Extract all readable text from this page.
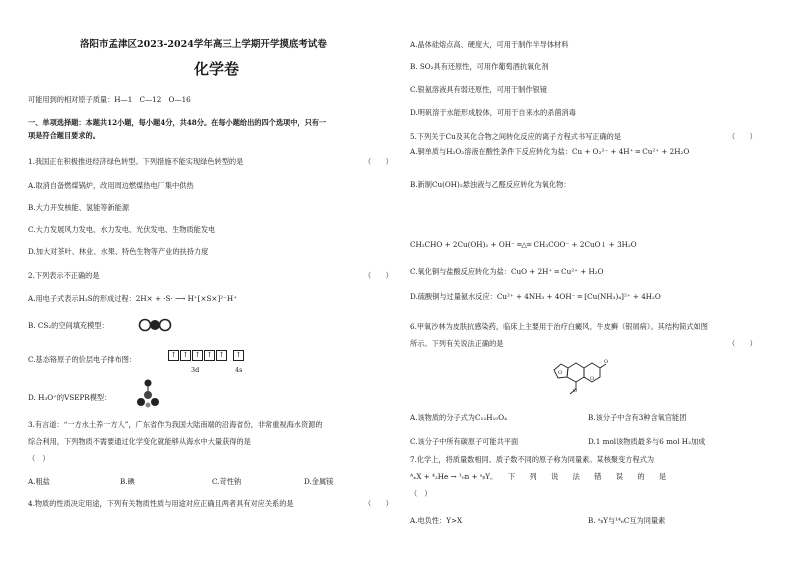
洛阳市孟津区2023-2024学年高三上学期开学摸底考试卷
化学卷
可能用到的相对原子质量：H—1　C—12　O—16
一、单项选择题：本题共12小题，每小题4分，共48分。在每小题给出的四个选项中，只有一
项是符合题目要求的。
1.我国正在积极推进经济绿色转型。下列措施不能实现绿色转型的是	（　　）
A.取消自备燃煤锅炉，改用周边燃煤热电厂集中供热
B.大力开发核能、氢能等新能源
C.大力发展风力发电、水力发电、光伏发电、生物质能发电
D.加大对茶叶、林业、水果、特色生物等产业的扶持力度
2.下列表示不正确的是	（　　）
A.用电子式表示H₂S的形成过程：2H× + ·S· ⟶ H⁺[×S×]²⁻H⁺
B. CS₂的空间填充模型：
C.基态铬原子的价层电子排布图：	↑ ↑ ↑ ↑ ↑	↑
3d	4s
D. H₃O⁺的VSEPR模型：
3.有言道：“一方水土养一方人”，广东省作为我国大陆南端的沿海省份，非常重视海水资源的
综合利用，下列物质不需要通过化学变化就能够从海水中大量获得的是
（　）
A.粗盐	B.碘	C.苛性钠	D.金属镁
4.物质的性质决定用途，下列有关物质性质与用途对应正确且两者具有对应关系的是	（　　）
A.晶体硅熔点高、硬度大，可用于制作半导体材料
B. SO₂具有还原性，可用作葡萄酒抗氧化剂
C.银氨溶液具有弱还原性，可用于制作银镜
D.明矾溶于水能形成胶体，可用于自来水的杀菌消毒
5.下列关于Cu及其化合物之间转化反应的离子方程式书写正确的是	（　　）
A.铜单质与H₂O₂溶液在酸性条件下反应转化为盐：Cu + O₂²⁻ + 4H⁺ ═ Cu²⁺ + 2H₂O
B.新制Cu(OH)₂悬浊液与乙醛反应转化为氧化物：
CH₃CHO + 2Cu(OH)₂ + OH⁻ ═△═ CH₃COO⁻ + 2CuO↓ + 3H₂O
C.氧化铜与盐酸反应转化为盐：CuO + 2H⁺ ═ Cu²⁺ + H₂O
D.硫酸铜与过量氨水反应：Cu²⁺ + 4NH₃ + 4OH⁻ ═ [Cu(NH₃)₄]²⁺ + 4H₂O
6.甲氧沙林为皮肤抗感染药，临床上主要用于治疗白癜风、牛皮癣（银屑病）。其结构简式如图
所示。下列有关说法正确的是	（　　）
O
O
O
O
A.该物质的分子式为C₁₂H₁₀O₄	B.该分子中含有3种含氧官能团
C.该分子中所有碳原子可能共平面	D.1 mol该物质最多与6 mol H₂加成
7.化学上，将质量数相同、质子数不同的原子称为同量素。某核聚变方程式为
ᴬₓX + ⁴₂He → ¹₀n + ᵃᵦY。　　下　　列　　说　　法　　错　　误　　的　　是
（　）
A.电负性：Y>X	B. ᵃᵦY与¹⁴₆C互为同量素
